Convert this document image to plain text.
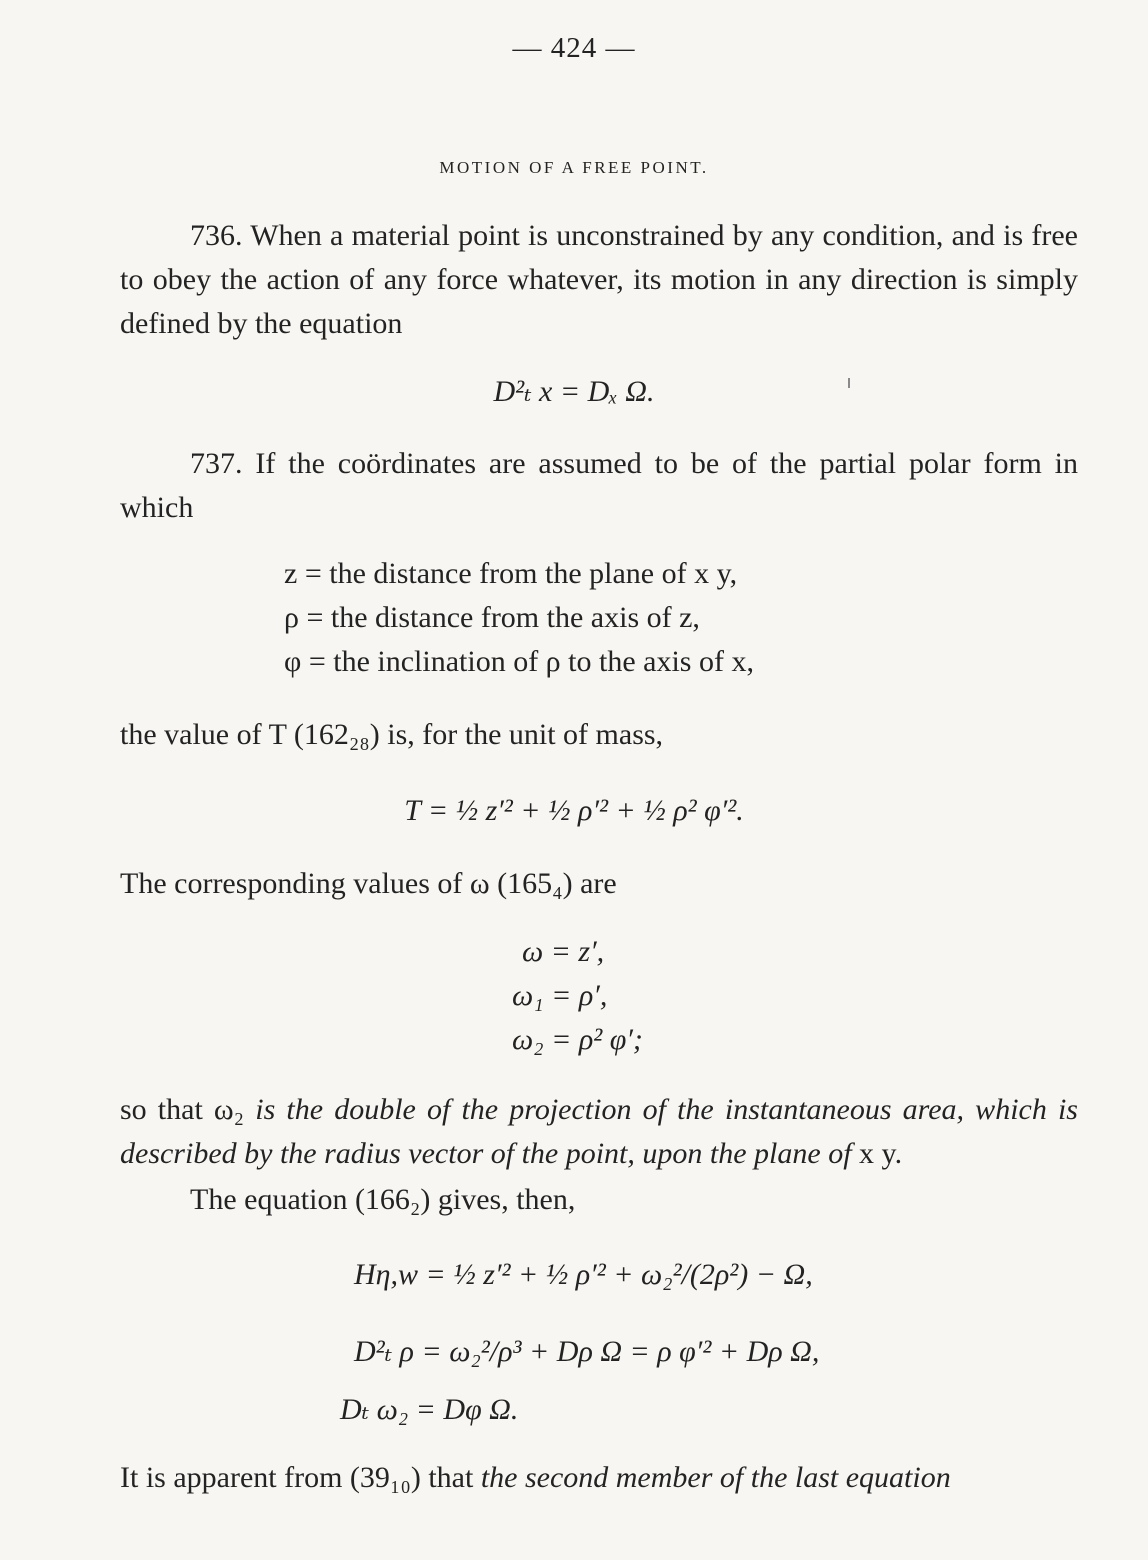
— 424 —
MOTION OF A FREE POINT.
736. When a material point is unconstrained by any condition, and is free to obey the action of any force whatever, its motion in any direction is simply defined by the equation
D²ₜ x = Dₓ Ω.
737. If the coördinates are assumed to be of the partial polar form in which
z = the distance from the plane of x y,
ρ = the distance from the axis of z,
φ = the inclination of ρ to the axis of x,
the value of T (162₂₈) is, for the unit of mass,
T = ½ z′² + ½ ρ′² + ½ ρ² φ′².
The corresponding values of ω (165₄) are
ω = z′,
ω₁ = ρ′,
ω₂ = ρ² φ′;
so that ω₂ is the double of the projection of the instantaneous area, which is described by the radius vector of the point, upon the plane of x y.
The equation (166₂) gives, then,
Hη,w = ½ z′² + ½ ρ′² + ω₂²/(2ρ²) − Ω,
D²ₜ ρ = ω₂²/ρ³ + Dρ Ω = ρ φ′² + Dρ Ω,
Dₜ ω₂ = Dφ Ω.
It is apparent from (39₁₀) that the second member of the last equation
